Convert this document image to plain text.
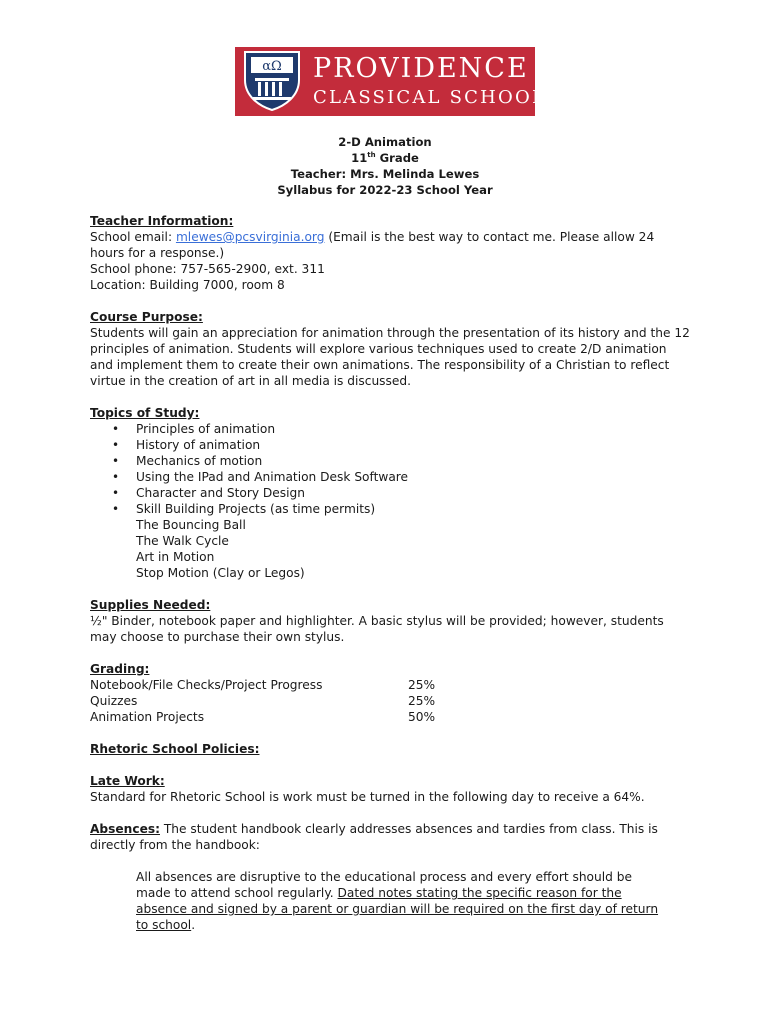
αΩ PROVIDENCE
CLASSICAL SCHOOL
2-D Animation
11th Grade
Teacher: Mrs. Melinda Lewes
Syllabus for 2022-23 School Year
Teacher Information:

School email: mlewes@pcsvirginia.org (Email is the best way to contact me. Please allow 24 hours for a response.)

School phone: 757-565-2900, ext. 311

Location: Building 7000, room 8

Course Purpose:

Students will gain an appreciation for animation through the presentation of its history and the 12 principles of animation. Students will explore various techniques used to create 2/D animation and implement them to create their own animations. The responsibility of a Christian to reflect virtue in the creation of art in all media is discussed.

Topics of Study:
• Principles of animation
• History of animation
• Mechanics of motion
• Using the IPad and Animation Desk Software
• Character and Story Design
• Skill Building Projects (as time permits)
The Bouncing Ball
The Walk Cycle
Art in Motion
Stop Motion (Clay or Legos)
Supplies Needed:

½" Binder, notebook paper and highlighter. A basic stylus will be provided; however, students may choose to purchase their own stylus.

Grading:
Notebook/File Checks/Project Progress	25%
Quizzes	25%
Animation Projects	50%
Rhetoric School Policies:
Late Work:

Standard for Rhetoric School is work must be turned in the following day to receive a 64%.

Absences: The student handbook clearly addresses absences and tardies from class. This is directly from the handbook:

All absences are disruptive to the educational process and every effort should be made to attend school regularly. Dated notes stating the specific reason for the absence and signed by a parent or guardian will be required on the first day of return to school.
